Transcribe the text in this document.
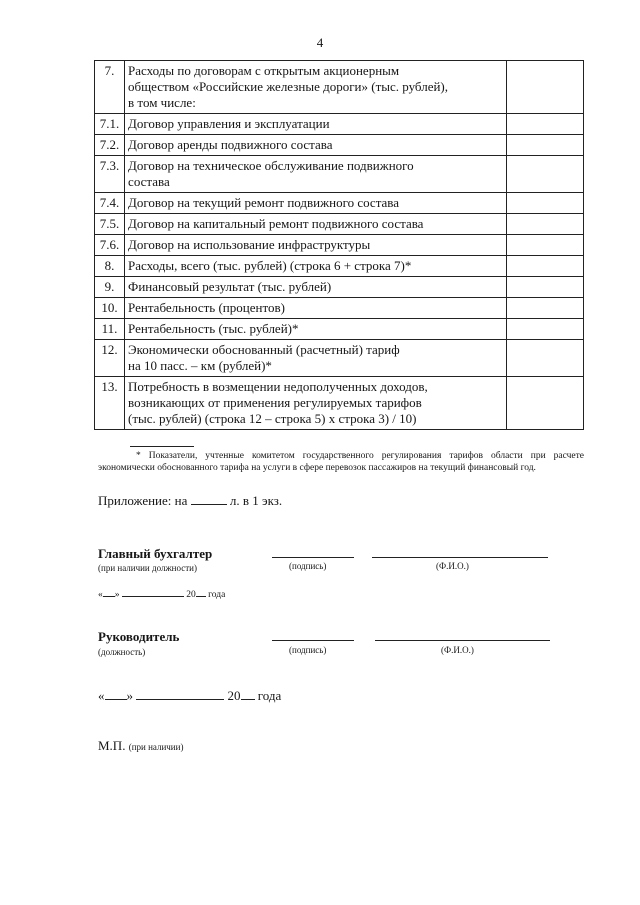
4
7.	Расходы по договорам с открытым акционерным
обществом «Российские железные дороги» (тыс. рублей),
в том числе:	

7.1.	Договор управления и эксплуатации	

7.2.	Договор аренды подвижного состава	

7.3.	Договор на техническое обслуживание подвижного
состава	

7.4.	Договор на текущий ремонт подвижного состава	

7.5.	Договор на капитальный ремонт подвижного состава	

7.6.	Договор на использование инфраструктуры	

8.	Расходы, всего (тыс. рублей) (строка 6 + строка 7)*	

9.	Финансовый результат (тыс. рублей)	

10.	Рентабельность (процентов)	

11.	Рентабельность (тыс. рублей)*	

12.	Экономически обоснованный (расчетный) тариф
на 10 пасс. – км (рублей)*	

13.	Потребность в возмещении недополученных доходов,
возникающих от применения регулируемых тарифов
(тыс. рублей) (строка 12 – строка 5) х строка 3) / 10)	

* Показатели, учтенные комитетом государственного регулирования тарифов области при расчете экономически обоснованного тарифа на услуги в сфере перевозок пассажиров на текущий финансовый год.
Приложение: на	л. в 1 экз.
Главный бухгалтер
(при наличии должности)	(подпись)	(Ф.И.О.)
« »	20 года
Руководитель
(должность)	(подпись)	(Ф.И.О.)
« »	20 года
М.П. (при наличии)
